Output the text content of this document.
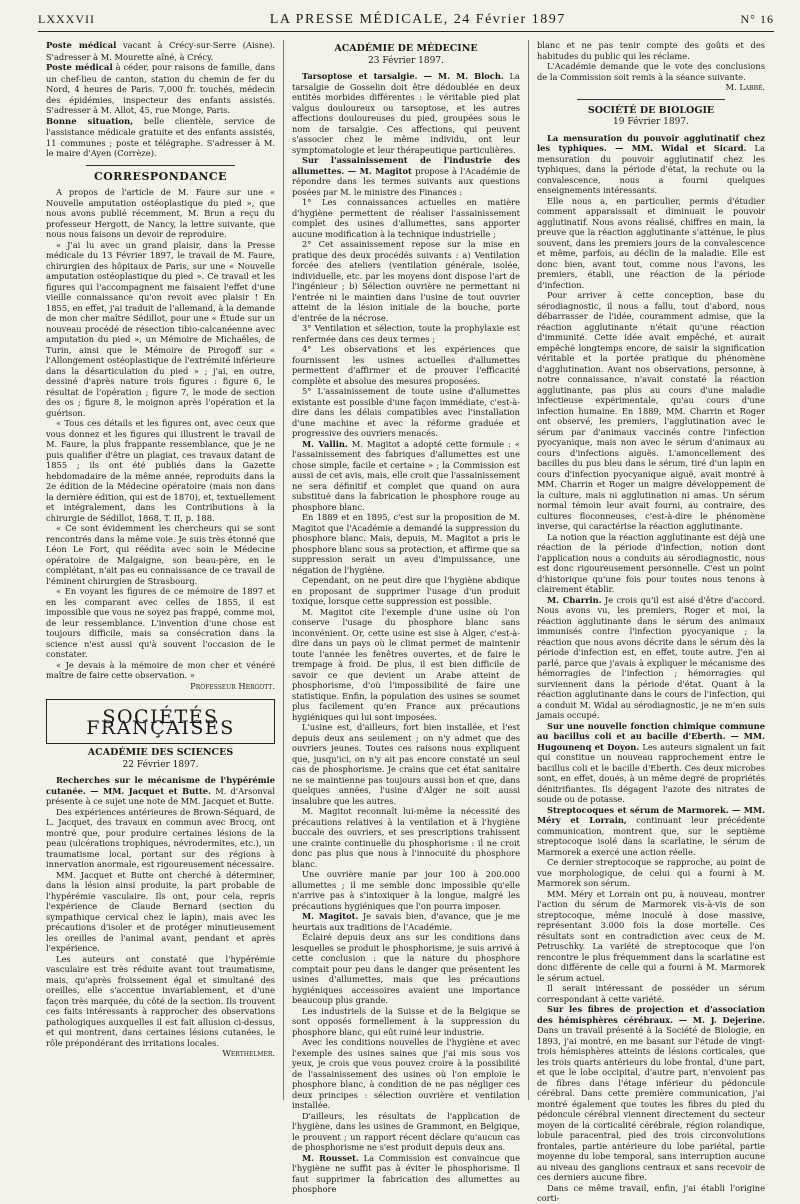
LXXXVII	LA PRESSE MÉDICALE, 24 Février 1897	N° 16

Poste médical vacant à Crécy-sur-Serre (Aisne). S'adresser à M. Mourette aîné, à Crécy.

Poste médical à céder, pour raisons de famille, dans un chef-lieu de canton, station du chemin de fer du Nord, 4 heures de Paris. 7,000 fr. touchés, médecin des épidémies, inspecteur des enfants assistés. S'adresser à M. Allot, 45, rue Monge, Paris.

Bonne situation, belle clientèle, service de l'assistance médicale gratuite et des enfants assistés, 11 communes ; poste et télégraphe. S'adresser à M. le maire d'Ayen (Corrèze).

CORRESPONDANCE

A propos de l'article de M. Faure sur une « Nouvelle amputation ostéoplastique du pied », que nous avons publié récemment, M. Brun a reçu du professeur Hergott, de Nancy, la lettre suivante, que nous nous faisons un devoir de reproduire.

« J'ai lu avec un grand plaisir, dans la Presse médicale du 13 Février 1897, le travail de M. Faure, chirurgien des hôpitaux de Paris, sur une « Nouvelle amputation ostéoplastique du pied ». Ce travail et les figures qui l'accompagnent me faisaient l'effet d'une vieille connaissance qu'on revoit avec plaisir ! En 1855, en effet, j'ai traduit de l'allemand, à la demande de mon cher maître Sédillot, pour une « Étude sur un nouveau procédé de résection tibio-calcanéenne avec amputation du pied », un Mémoire de Michaëles, de Turin, ainsi que le Mémoire de Pirogoff sur « l'Allongement ostéoplastique de l'extrémité inférieure dans la désarticulation du pied » ; j'ai, en outre, dessiné d'après nature trois figures : figure 6, le résultat de l'opération ; figure 7, le mode de section des os ; figure 8, le moignon après l'opération et la guérison.

« Tous ces détails et les figures ont, avec ceux que vous donnez et les figures qui illustrent le travail de M. Faure, la plus frappante ressemblance, que je ne puis qualifier d'être un plagiat, ces travaux datant de 1855 ; ils ont été publiés dans la Gazette hebdomadaire de la même année, reproduits dans la 2e édition de la Médecine opératoire (mais non dans la dernière édition, qui est de 1870), et, textuellement et intégralement, dans les Contributions à la chirurgie de Sédillot, 1868, T. II, p. 188.

« Ce sont évidemment les chercheurs qui se sont rencontrés dans la même voie. Je suis très étonné que Léon Le Fort, qui réédita avec soin le Médecine opératoire de Malgaigne, son beau-père, en le complétant, n'ait pas eu connaissance de ce travail de l'éminent chirurgien de Strasbourg.

« En voyant les figures de ce mémoire de 1897 et en les comparant avec celles de 1855, il est impossible que vous ne soyez pas frappé, comme moi, de leur ressemblance. L'invention d'une chose est toujours difficile, mais sa consécration dans la science n'est aussi qu'à souvent l'occasion de le constater.

« Je devais à la mémoire de mon cher et vénéré maître de faire cette observation. »

Professeur Hergott.

SOCIÉTÉS FRANÇAISES
ACADÉMIE DES SCIENCES
22 Février 1897.

Recherches sur le mécanisme de l'hypérémie cutanée. — MM. Jacquet et Butte. M. d'Arsonval présente à ce sujet une note de MM. Jacquet et Butte.

Des expériences antérieures de Brown-Séquard, de L. Jacquet, des travaux en commun avec Brocq, ont montré que, pour produire certaines lésions de la peau (ulcérations trophiques, névrodermites, etc.), un traumatisme local, portant sur des régions à innervation anormale, est rigoureusement nécessaire.

MM. Jacquet et Butte ont cherché à déterminer, dans la lésion ainsi produite, la part probable de l'hypérémie vasculaire. Ils ont, pour cela, repris l'expérience de Claude Bernard (section du sympathique cervical chez le lapin), mais avec les précautions d'isoler et de protéger minutieusement les oreilles de l'animal avant, pendant et après l'expérience.

Les auteurs ont constaté que l'hypérémie vasculaire est très réduite avant tout traumatisme, mais, qu'après froissement égal et simultané des oreilles, elle s'accentue invariablement, et d'une façon très marquée, du côté de la section. Ils trouvent ces faits intéressants à rapprocher des observations pathologiques auxquelles il est fait allusion ci-dessus, et qui montrent, dans certaines lésions cutanées, le rôle prépondérant des irritations locales.

Werthelmer.

ACADÉMIE DE MÉDECINE
23 Février 1897.

Tarsoptose et tarsalgie. — M. M. Bloch. La tarsalgie de Gosselin doit être dédoublée en deux entités morbides différentes : le véritable pied plat valgus douloureux ou tarsoptose, et les autres affections douloureuses du pied, groupées sous le nom de tarsalgie. Ces affections, qui peuvent s'associer chez le même individu, ont leur symptomatologie et leur thérapeutique particulières.

Sur l'assainissement de l'industrie des allumettes. — M. Magitot propose à l'Académie de répondre dans les termes suivants aux questions posées par M. le ministre des Finances :

1° Les connaissances actuelles en matière d'hygiène permettent de réaliser l'assainissement complet des usines d'allumettes, sans apporter aucune modification à la technique industrielle ;

2° Cet assainissement repose sur la mise en pratique des deux procédés suivants : a) Ventilation forcée des ateliers (ventilation générale, isolée, individuelle, etc. par les moyens dont dispose l'art de l'ingénieur ; b) Sélection ouvrière ne permettant ni l'entrée ni le maintien dans l'usine de tout ouvrier atteint de la lésion initiale de la bouche, porte d'entrée de la nécrose.

3° Ventilation et sélection, toute la prophylaxie est renfermée dans ces deux termes ;

4° Les observations et les expériences que fournissent les usines actuelles d'allumettes permettent d'affirmer et de prouver l'efficacité complète et absolue des mesures proposées.

5° L'assainissement de toute usine d'allumettes existante est possible d'une façon immédiate, c'est-à-dire dans les délais compatibles avec l'installation d'une machine et avec la réforme graduée et progressive des ouvriers menacés.

M. Vallin. M. Magitot a adopté cette formule : « l'assainissement des fabriques d'allumettes est une chose simple, facile et certaine » ; la Commission est aussi de cet avis, mais, elle croit que l'assainissement ne sera définitif et complet que quand on aura substitué dans la fabrication le phosphore rouge au phosphore blanc.

En 1889 et en 1895, c'est sur la proposition de M. Magitot que l'Académie a demandé la suppression du phosphore blanc. Mais, depuis, M. Magitot a pris le phosphore blanc sous sa protection, et affirme que sa suppression serait un aveu d'impuissance, une négation de l'hygiène.

Cependant, on ne peut dire que l'hygiène abdique en proposant de supprimer l'usage d'un produit toxique, lorsque cette suppression est possible.

M. Magitot cite l'exemple d'une usine où l'on conserve l'usage du phosphore blanc sans inconvénient. Or, cette usine est sise à Alger, c'est-à-dire dans un pays où le climat permet de maintenir toute l'année les fenêtres ouvertes, et de faire le trempage à froid. De plus, il est bien difficile de savoir ce que devient un Arabe atteint de phosphorisme, d'où l'impossibilité de faire une statistique. Enfin, la population des usines se soumet plus facilement qu'en France aux précautions hygiéniques qui lui sont imposées.

L'usine est, d'ailleurs, fort bien installée, et l'est depuis deux ans seulement ; on n'y admet que des ouvriers jeunes. Toutes ces raisons nous expliquent que, jusqu'ici, on n'y ait pas encore constaté un seul cas de phosphorisme. Je crains que cet état sanitaire ne se maintienne pas toujours aussi bon et que, dans quelques années, l'usine d'Alger ne soit aussi insalubre que les autres.

M. Magitot reconnaît lui-même la nécessité des précautions relatives à la ventilation et à l'hygiène buccale des ouvriers, et ses prescriptions trahissent une crainte continuelle du phosphorisme : il ne croit donc pas plus que nous à l'innocuité du phosphore blanc.

Une ouvrière manie par jour 100 à 200.000 allumettes ; il me semble donc impossible qu'elle n'arrive pas à s'intoxiquer à la longue, malgré les précautions hygiéniques que l'on pourra imposer.

M. Magitot. Je savais bien, d'avance, que je me heurtais aux traditions de l'Académie.

Éclairé depuis deux ans sur les conditions dans lesquelles se produit le phosphorisme, je suis arrivé à cette conclusion : que la nature du phosphore comptait pour peu dans le danger que présentent les usines d'allumettes, mais que les précautions hygiéniques accessoires avaient une importance beaucoup plus grande.

Les industriels de la Suisse et de la Belgique se sont opposés formellement à la suppression du phosphore blanc, qui eût ruiné leur industrie.

Avec les conditions nouvelles de l'hygiène et avec l'exemple des usines saines que j'ai mis sous vos yeux, je crois que vous pouvez croire à la possibilité de l'assainissement des usines où l'on emploie le phosphore blanc, à condition de ne pas négliger ces deux principes : sélection ouvrière et ventilation installée.

D'ailleurs, les résultats de l'application de l'hygiène, dans les usines de Grammont, en Belgique, le prouvent ; un rapport récent déclare qu'aucun cas de phosphorisme ne s'est produit depuis deux ans.

M. Rousset. La Commission est convaincue que l'hygiène ne suffit pas à éviter le phosphorisme. Il faut supprimer la fabrication des allumettes au phosphore

blanc et ne pas tenir compte des goûts et des habitudes du public qui les réclame.

L'Académie demande que le vote des conclusions de la Commission soit remis à la séance suivante.

M. Labbé.

SOCIÉTÉ DE BIOLOGIE
19 Février 1897.

La mensuration du pouvoir agglutinatif chez les typhiques. — MM. Widal et Sicard. La mensuration du pouvoir agglutinatif chez les typhiques, dans la période d'état, la rechute ou la convalescence, nous a fourni quelques enseignements intéressants.

Elle nous a, en particulier, permis d'étudier comment apparaissait et diminuait le pouvoir agglutinatif. Nous avons réalisé, chiffres en main, la preuve que la réaction agglutinante s'atténue, le plus souvent, dans les premiers jours de la convalescence et même, parfois, au déclin de la maladie. Elle est donc bien, avant tout, comme nous l'avons, les premiers, établi, une réaction de la période d'infection.

Pour arriver à cette conception, base du sérodiagnostic, il nous a fallu, tout d'abord, nous débarrasser de l'idée, couramment admise, que la réaction agglutinante n'était qu'une réaction d'immunité. Cette idée avait empêché, et aurait empêché longtemps encore, de saisir la signification véritable et la portée pratique du phénomène d'agglutination. Avant nos observations, personne, à notre connaissance, n'avait constaté la réaction agglutinante, pas plus au cours d'une maladie infectieuse expérimentale, qu'au cours d'une infection humaine. En 1889, MM. Charrin et Roger ont observé, les premiers, l'agglutination avec le sérum par d'animaux vaccinés contre l'infection pyocyanique, mais non avec le sérum d'animaux au cours d'infections aiguës. L'amoncellement des bacilles du pus bleu dans le sérum, tiré d'un lapin en cours d'infection pyocyanique aiguë, avait montré à MM. Charrin et Roger un maigre développement de la culture, mais ni agglutination ni amas. Un sérum normal témoin leur avait fourni, au contraire, des cultures floconneuses, c'est-à-dire le phénomène inverse, qui caractérise la réaction agglutinante.

La notion que la réaction agglutinante est déjà une réaction de la période d'infection, notion dont l'application nous a conduits au sérodiagnostic, nous est donc rigoureusement personnelle. C'est un point d'historique qu'une fois pour toutes nous tenons à clairement établir.

M. Charrin. Je crois qu'il est aisé d'être d'accord. Nous avons vu, les premiers, Roger et moi, la réaction agglutinante dans le sérum des animaux immunisés contre l'infection pyocyanique ; la réaction que nous avons décrite dans le sérum dès la période d'infection est, en effet, toute autre. J'en ai parlé, parce que j'avais à expliquer le mécanisme des hémorragies de l'infection ; hémorragies qui surviennent dans la période d'état. Quant à la réaction agglutinante dans le cours de l'infection, qui a conduit M. Widal au sérodiagnostic, je ne m'en suis jamais occupé.

Sur une nouvelle fonction chimique commune au bacillus coli et au bacille d'Eberth. — MM. Hugounenq et Doyon. Les auteurs signalent un fait qui constitue un nouveau rapprochement entre le bacillus coli et le bacille d'Eberth. Ces deux microbes sont, en effet, doués, à un même degré de propriétés dénitrifiantes. Ils dégagent l'azote des nitrates de soude ou de potasse.

Streptocoques et sérum de Marmorek. — MM. Méry et Lorrain, continuant leur précédente communication, montrent que, sur le septième streptocoque isolé dans la scarlatine, le sérum de Marmorek a exercé une action réelle.

Ce dernier streptocoque se rapproche, au point de vue morphologique, de celui qui a fourni à M. Marmorek son sérum.

MM. Méry et Lorrain ont pu, à nouveau, montrer l'action du sérum de Marmorek vis-à-vis de son streptocoque, même inoculé à dose massive, représentant 3.000 fois la dose mortelle. Ces résultats sont en contradiction avec ceux de M. Petruschky. La variété de streptocoque que l'on rencontre le plus fréquemment dans la scarlatine est donc différente de celle qui a fourni à M. Marmorek le sérum actuel.

Il serait intéressant de posséder un sérum correspondant à cette variété.

Sur les fibres de projection et d'association des hémisphères cérébraux. — M. J. Dejerine. Dans un travail présenté à la Société de Biologie, en 1893, j'ai montré, en me basant sur l'étude de vingt-trois hémisphères atteints de lésions corticales, que les trois quarts antérieurs du lobe frontal, d'une part, et que le lobe occipital, d'autre part, n'envoient pas de fibres dans l'étage inférieur du pédoncule cérébral. Dans cette première communication, j'ai montré également que toutes les fibres du pied du pédoncule cérébral viennent directement du secteur moyen de la corticalité cérébrale, région rolandique, lobule paracentral, pied des trois circonvolutions frontales, partie antérieure du lobe pariétal, partie moyenne du lobe temporal, sans interruption aucune au niveau des ganglions centraux et sans recevoir de ces derniers aucune fibre.

Dans ce même travail, enfin, j'ai établi l'origine corti-
